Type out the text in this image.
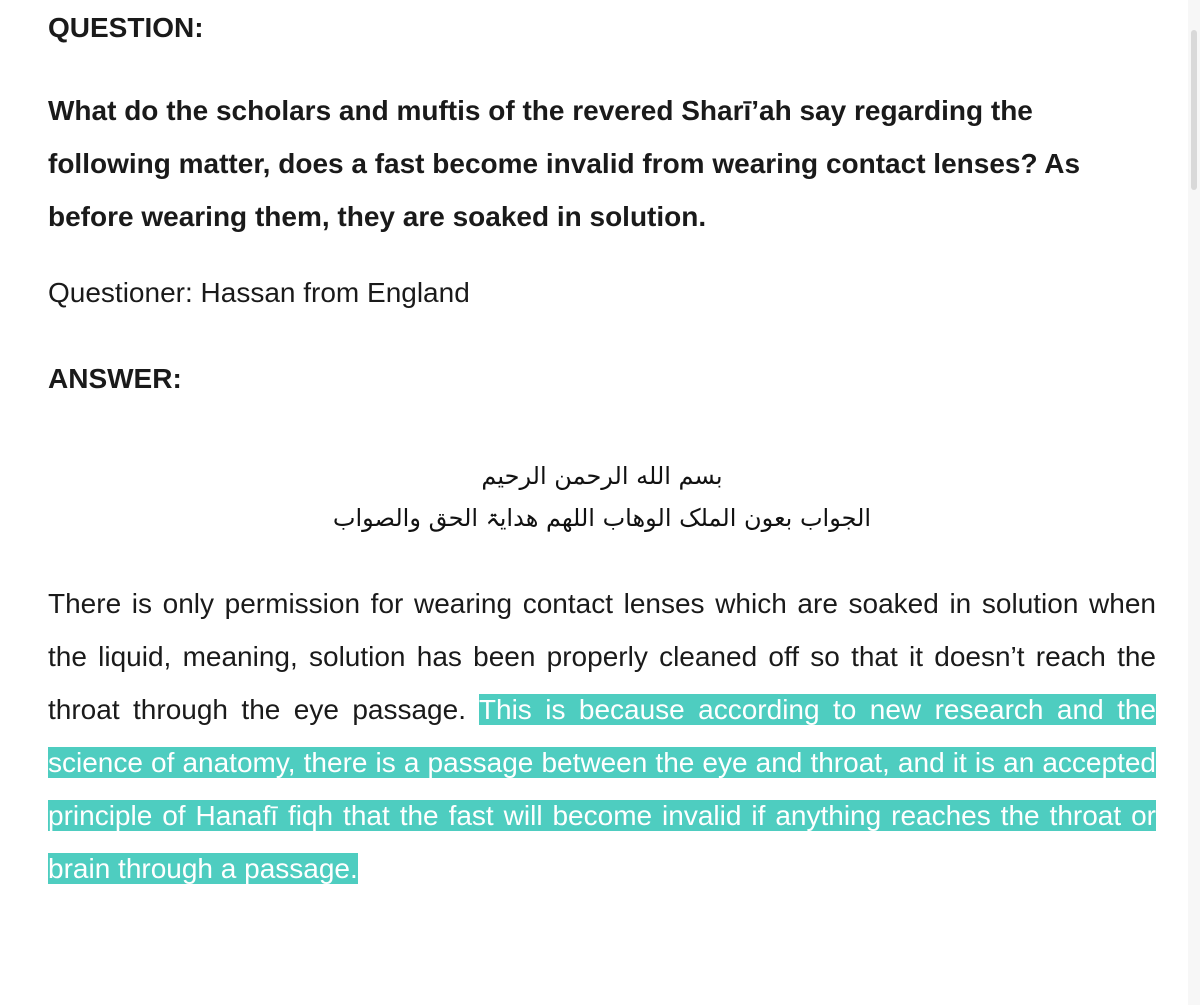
QUESTION:

What do the scholars and muftis of the revered Sharī’ah say regarding the following matter, does a fast become invalid from wearing contact lenses? As before wearing them, they are soaked in solution.

Questioner: Hassan from England

ANSWER:
بسم الله الرحمن الرحیم
الجواب بعون الملک الوھاب اللھم ھدایۃ الحق والصواب

There is only permission for wearing contact lenses which are soaked in solution when the liquid, meaning, solution has been properly cleaned off so that it doesn’t reach the throat through the eye passage. This is because according to new research and the science of anatomy, there is a passage between the eye and throat, and it is an accepted principle of Hanafī fiqh that the fast will become invalid if anything reaches the throat or brain through a passage.
